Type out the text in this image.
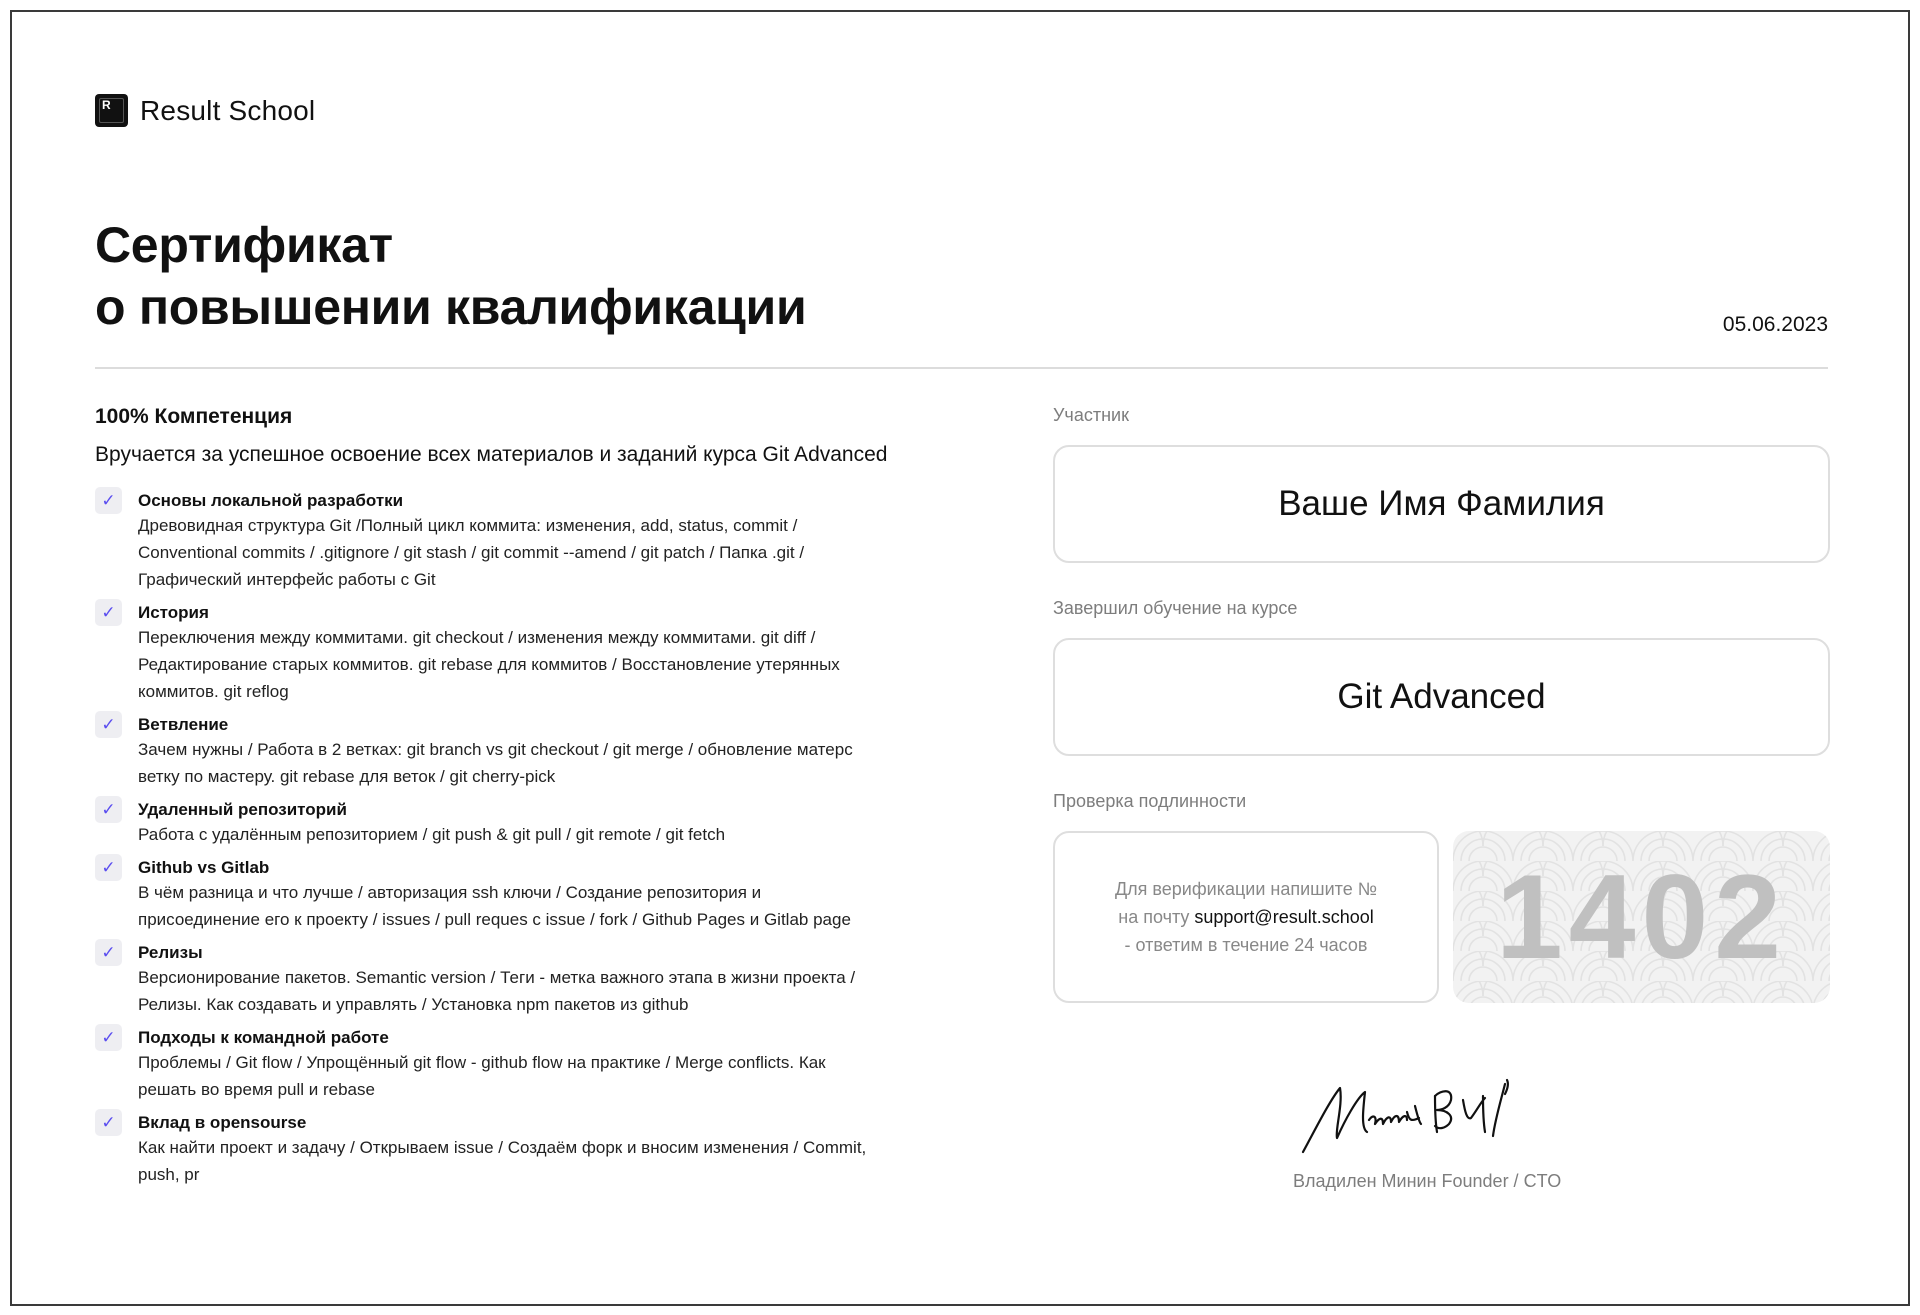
R Result School
Сертификат
о повышении квалификации	05.06.2023
100% Компетенция
Вручается за успешное освоение всех материалов и заданий курса Git Advanced
✓	Основы локальной разработки
Древовидная структура Git /Полный цикл коммита: изменения, add, status, commit / Conventional commits / .gitignore / git stash / git commit --amend / git patch / Папка .git / Графический интерфейс работы с Git
✓	История
Переключения между коммитами. git checkout / изменения между коммитами. git diff / Редактирование старых коммитов. git rebase для коммитов / Восстановление утерянных коммитов. git reflog
✓	Ветвление
Зачем нужны / Работа в 2 ветках: git branch vs git checkout / git merge / обновление матерс ветку по мастеру. git rebase для веток / git cherry-pick
✓	Удаленный репозиторий
Работа с удалённым репозиторием / git push & git pull / git remote / git fetch
✓	Github vs Gitlab
В чём разница и что лучше / авторизация ssh ключи / Создание репозитория и присоединение его к проекту / issues / pull reques c issue / fork / Github Pages и Gitlab page
✓	Релизы
Версионирование пакетов. Semantic version / Теги - метка важного этапа в жизни проекта / Релизы. Как создавать и управлять / Установка npm пакетов из github
✓	Подходы к командной работе
Проблемы / Git flow / Упрощённый git flow - github flow на практике / Merge conflicts. Как решать во время pull и rebase
✓	Вклад в opensourse
Как найти проект и задачу / Открываем issue / Создаём форк и вносим изменения / Commit, push, pr
Участник
Ваше Имя Фамилия
Завершил обучение на курсе
Git Advanced
Проверка подлинности
Для верификации напишите №
на почту support@result.school
- ответим в течение 24 часов 1402
Владилен Минин Founder / CTO
